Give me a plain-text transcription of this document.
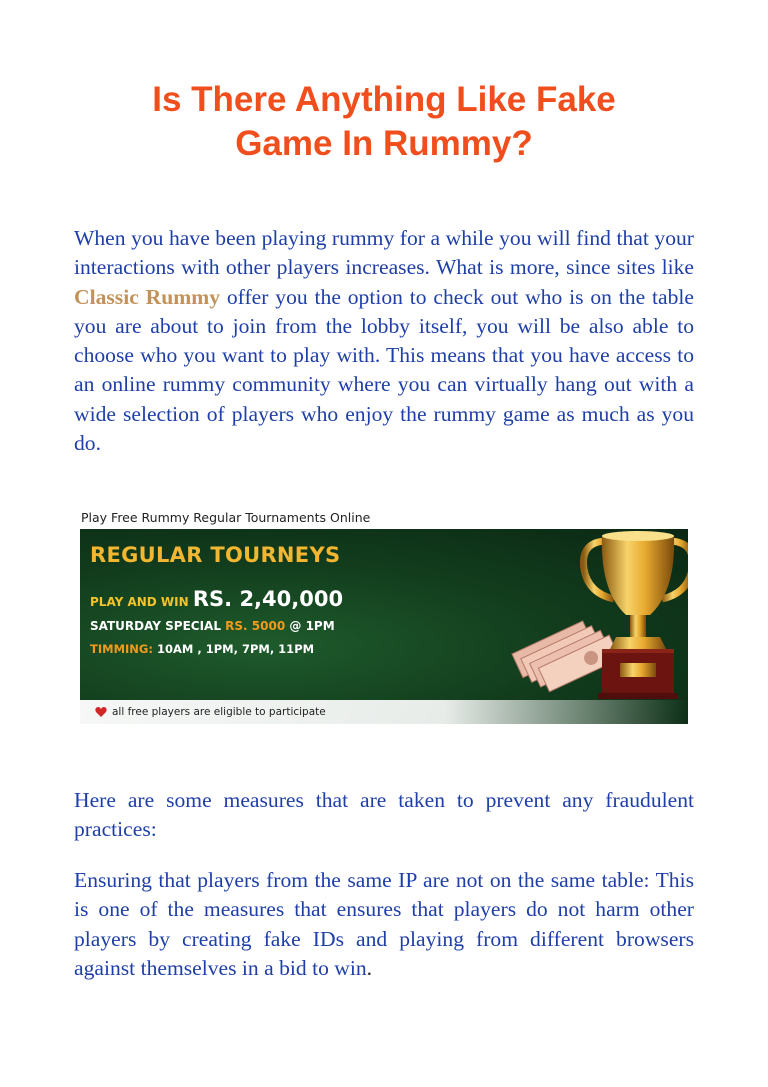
Is There Anything Like Fake
Game In Rummy?

When you have been playing rummy for a while you will find that your interactions with other players increases. What is more, since sites like Classic Rummy offer you the option to check out who is on the table you are about to join from the lobby itself, you will be also able to choose who you want to play with. This means that you have access to an online rummy community where you can virtually hang out with a wide selection of players who enjoy the rummy game as much as you do.

Play Free Rummy Regular Tournaments Online
REGULAR TOURNEYS
PLAY AND WIN RS. 2,40,000
SATURDAY SPECIAL RS. 5000 @ 1PM
TIMMING: 10AM , 1PM, 7PM, 11PM
all free players are eligible to participate

Here are some measures that are taken to prevent any fraudulent practices:

Ensuring that players from the same IP are not on the same table: This is one of the measures that ensures that players do not harm other players by creating fake IDs and playing from different browsers against themselves in a bid to win.
